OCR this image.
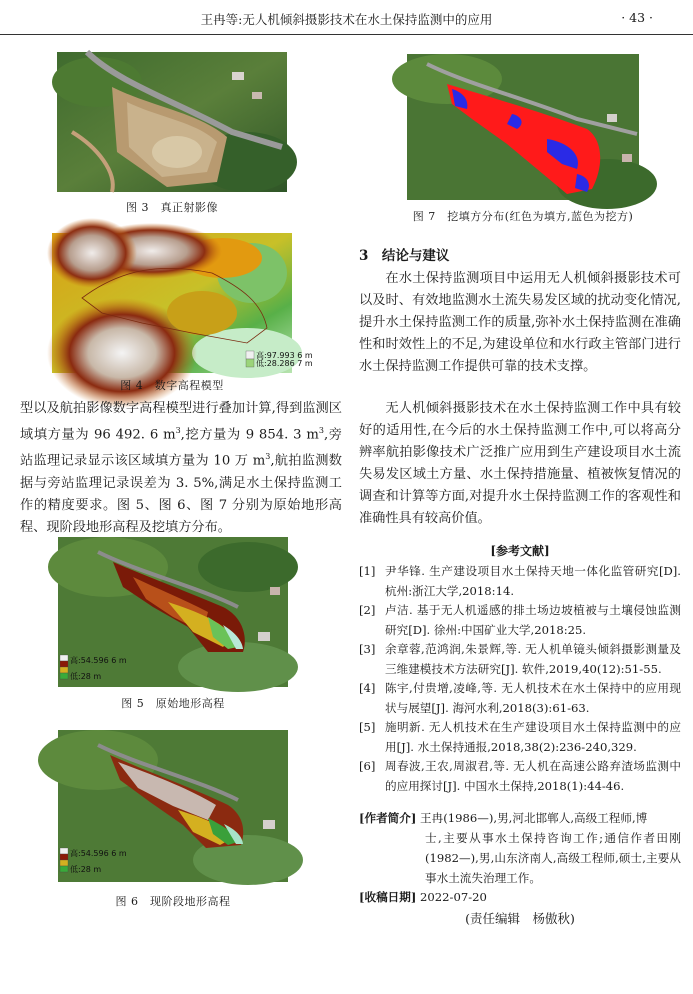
王冉等:无人机倾斜摄影技术在水土保持监测中的应用	· 43 ·
图 3　真正射影像
高:97.993 6 m
低:28.286 7 m
图 4　数字高程模型

型以及航拍影像数字高程模型进行叠加计算,得到监测区域填方量为 96 492. 6 $m^3$,挖方量为 9 854. 3 $m^3$,旁站监理记录显示该区域填方量为 10 万 $m^3$,航拍监测数据与旁站监理记录误差为 3. 5%,满足水土保持监测工作的精度要求。图 5、图 6、图 7 分别为原始地形高程、现阶段地形高程及挖填方分布。

高:54.596 6 m
低:28 m
图 5　原始地形高程
高:54.596 6 m
低:28 m
图 6　现阶段地形高程
图 7　挖填方分布(红色为填方,蓝色为挖方)
3　 结论与建议

在水土保持监测项目中运用无人机倾斜摄影技术可以及时、有效地监测水土流失易发区域的扰动变化情况,提升水土保持监测工作的质量,弥补水土保持监测在准确性和时效性上的不足,为建设单位和水行政主管部门进行水土保持监测工作提供可靠的技术支撑。

无人机倾斜摄影技术在水土保持监测工作中具有较好的适用性,在今后的水土保持监测工作中,可以将高分辨率航拍影像技术广泛推广应用到生产建设项目水土流失易发区域土方量、水土保持措施量、植被恢复情况的调查和计算等方面,对提升水土保持监测工作的客观性和准确性具有较高价值。

[参考文献]
[1] 尹华锋. 生产建设项目水土保持天地一体化监管研究[D]. 杭州:浙江大学,2018:14.
[2] 卢洁. 基于无人机遥感的排土场边坡植被与土壤侵蚀监测研究[D]. 徐州:中国矿业大学,2018:25.
[3] 余章蓉,范鸿润,朱景辉,等. 无人机单镜头倾斜摄影测量及三维建模技术方法研究[J]. 软件,2019,40(12):51-55.
[4] 陈宇,付贵增,凌峰,等. 无人机技术在水土保持中的应用现状与展望[J]. 海河水利,2018(3):61-63.
[5] 施明新. 无人机技术在生产建设项目水土保持监测中的应用[J]. 水土保持通报,2018,38(2):236-240,329.
[6] 周春波,王农,周淑君,等. 无人机在高速公路弃渣场监测中的应用探讨[J]. 中国水土保持,2018(1):44-46.
[作者简介] 王冉(1986—),男,河北邯郸人,高级工程师,博
士,主要从事水土保持咨询工作;通信作者田刚(1982—),男,山东济南人,高级工程师,硕士,主要从事水土流失治理工作。
[收稿日期] 2022-07-20
(责任编辑　杨傲秋)
